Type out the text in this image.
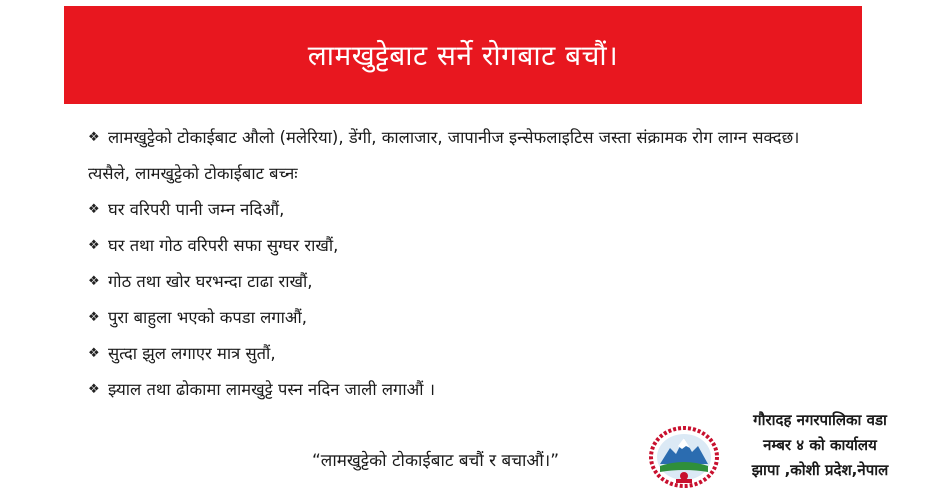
लामखुट्टेबाट सर्ने रोगबाट बचौं।
❖ लामखुट्टेको टोकाईबाट औलो (मलेरिया), डेंगी, कालाजार, जापानीज इन्सेफलाइटिस जस्ता संक्रामक रोग लाग्न सक्दछ।
त्यसैले, लामखुट्टेको टोकाईबाट बच्नः
❖ घर वरिपरी पानी जम्न नदिऔं,
❖ घर तथा गोठ वरिपरी सफा सुग्घर राखौं,
❖ गोठ तथा खोर घरभन्दा टाढा राखौं,
❖ पुरा बाहुला भएको कपडा लगाऔं,
❖ सुत्दा झुल लगाएर मात्र सुतौं,
❖ झ्याल तथा ढोकामा लामखुट्टे पस्न नदिन जाली लगाऔं ।
“लामखुट्टेको टोकाईबाट बचौं र बचाऔं।”
गौरादह नगरपालिका वडा
नम्बर ४ को कार्यालय
झापा ,कोशी प्रदेश,नेपाल
